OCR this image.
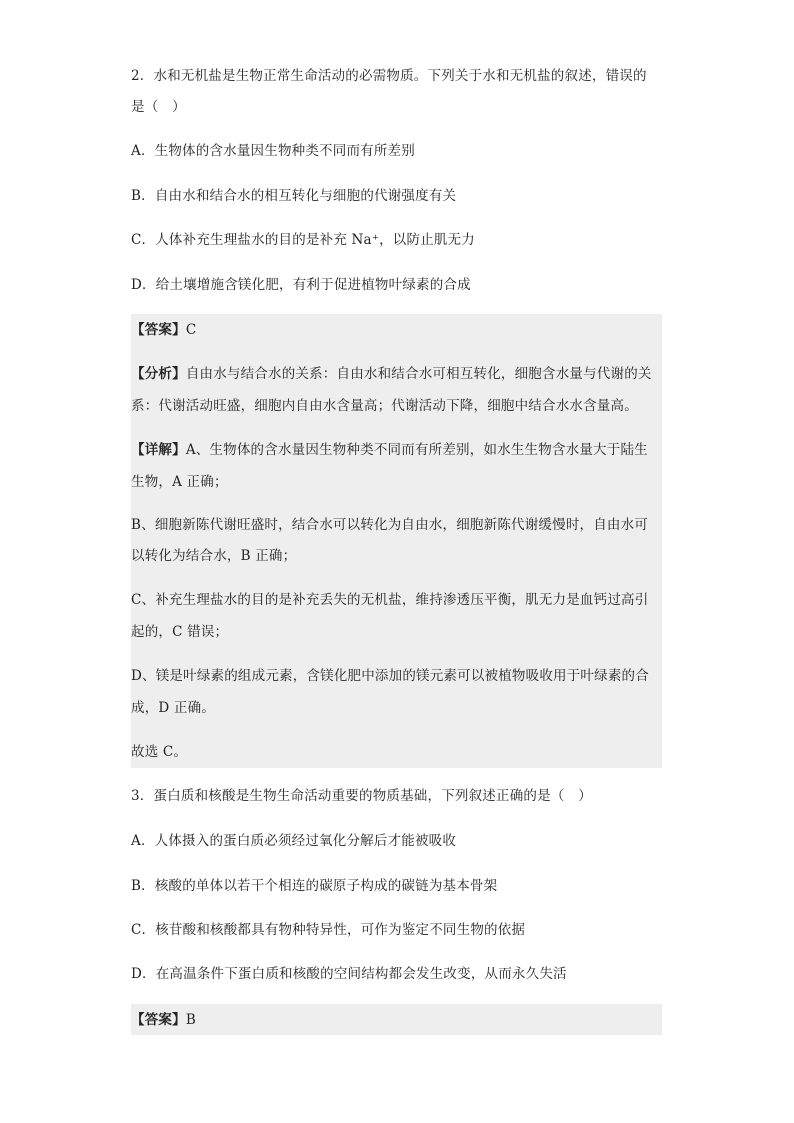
2．水和无机盐是生物正常生命活动的必需物质。下列关于水和无机盐的叙述，错误的
是（　）
A．生物体的含水量因生物种类不同而有所差别
B．自由水和结合水的相互转化与细胞的代谢强度有关
C．人体补充生理盐水的目的是补充 Na⁺，以防止肌无力
D．给土壤增施含镁化肥，有利于促进植物叶绿素的合成
【答案】C
【分析】自由水与结合水的关系：自由水和结合水可相互转化，细胞含水量与代谢的关
系：代谢活动旺盛，细胞内自由水含量高；代谢活动下降，细胞中结合水水含量高。
【详解】A、生物体的含水量因生物种类不同而有所差别，如水生生物含水量大于陆生
生物，A 正确；
B、细胞新陈代谢旺盛时，结合水可以转化为自由水，细胞新陈代谢缓慢时，自由水可
以转化为结合水，B 正确；
C、补充生理盐水的目的是补充丢失的无机盐，维持渗透压平衡，肌无力是血钙过高引
起的，C 错误；
D、镁是叶绿素的组成元素，含镁化肥中添加的镁元素可以被植物吸收用于叶绿素的合
成，D 正确。
故选 C。
3．蛋白质和核酸是生物生命活动重要的物质基础，下列叙述正确的是（　）
A．人体摄入的蛋白质必须经过氧化分解后才能被吸收
B．核酸的单体以若干个相连的碳原子构成的碳链为基本骨架
C．核苷酸和核酸都具有物种特异性，可作为鉴定不同生物的依据
D．在高温条件下蛋白质和核酸的空间结构都会发生改变，从而永久失活
【答案】B
